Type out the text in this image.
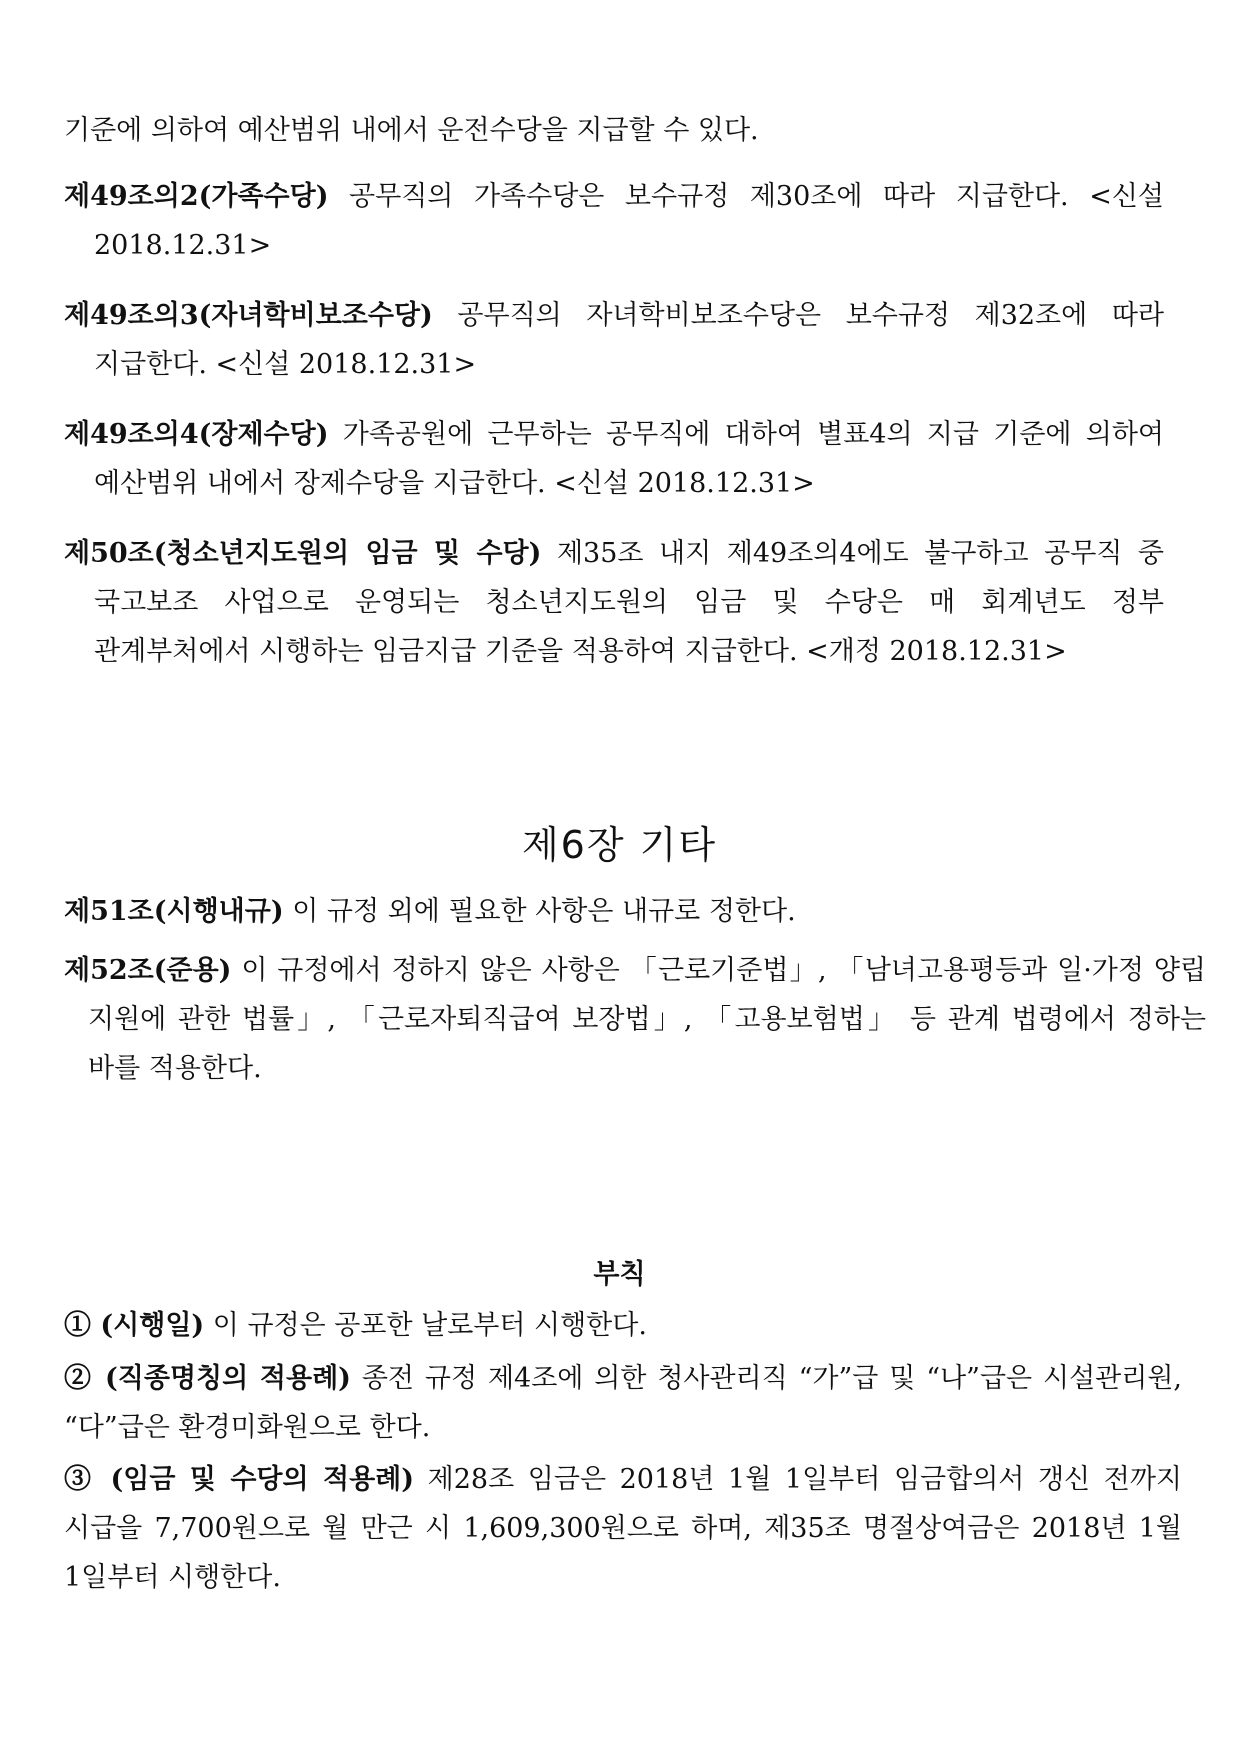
기준에 의하여 예산범위 내에서 운전수당을 지급할 수 있다.
제49조의2(가족수당) 공무직의 가족수당은 보수규정 제30조에 따라 지급한다. <신설 2018.12.31>
제49조의3(자녀학비보조수당) 공무직의 자녀학비보조수당은 보수규정 제32조에 따라 지급한다. <신설 2018.12.31>
제49조의4(장제수당) 가족공원에 근무하는 공무직에 대하여 별표4의 지급 기준에 의하여 예산범위 내에서 장제수당을 지급한다. <신설 2018.12.31>
제50조(청소년지도원의 임금 및 수당) 제35조 내지 제49조의4에도 불구하고 공무직 중 국고보조 사업으로 운영되는 청소년지도원의 임금 및 수당은 매 회계년도 정부 관계부처에서 시행하는 임금지급 기준을 적용하여 지급한다. <개정 2018.12.31>
제6장 기타
제51조(시행내규) 이 규정 외에 필요한 사항은 내규로 정한다.
제52조(준용) 이 규정에서 정하지 않은 사항은 「근로기준법」, 「남녀고용평등과 일·가정 양립 지원에 관한 법률」, 「근로자퇴직급여 보장법」, 「고용보험법」 등 관계 법령에서 정하는 바를 적용한다.
부칙
① (시행일) 이 규정은 공포한 날로부터 시행한다.
② (직종명칭의 적용례) 종전 규정 제4조에 의한 청사관리직 “가”급 및 “나”급은 시설관리원, “다”급은 환경미화원으로 한다.
③ (임금 및 수당의 적용례) 제28조 임금은 2018년 1월 1일부터 임금합의서 갱신 전까지 시급을 7,700원으로 월 만근 시 1,609,300원으로 하며, 제35조 명절상여금은 2018년 1월 1일부터 시행한다.
